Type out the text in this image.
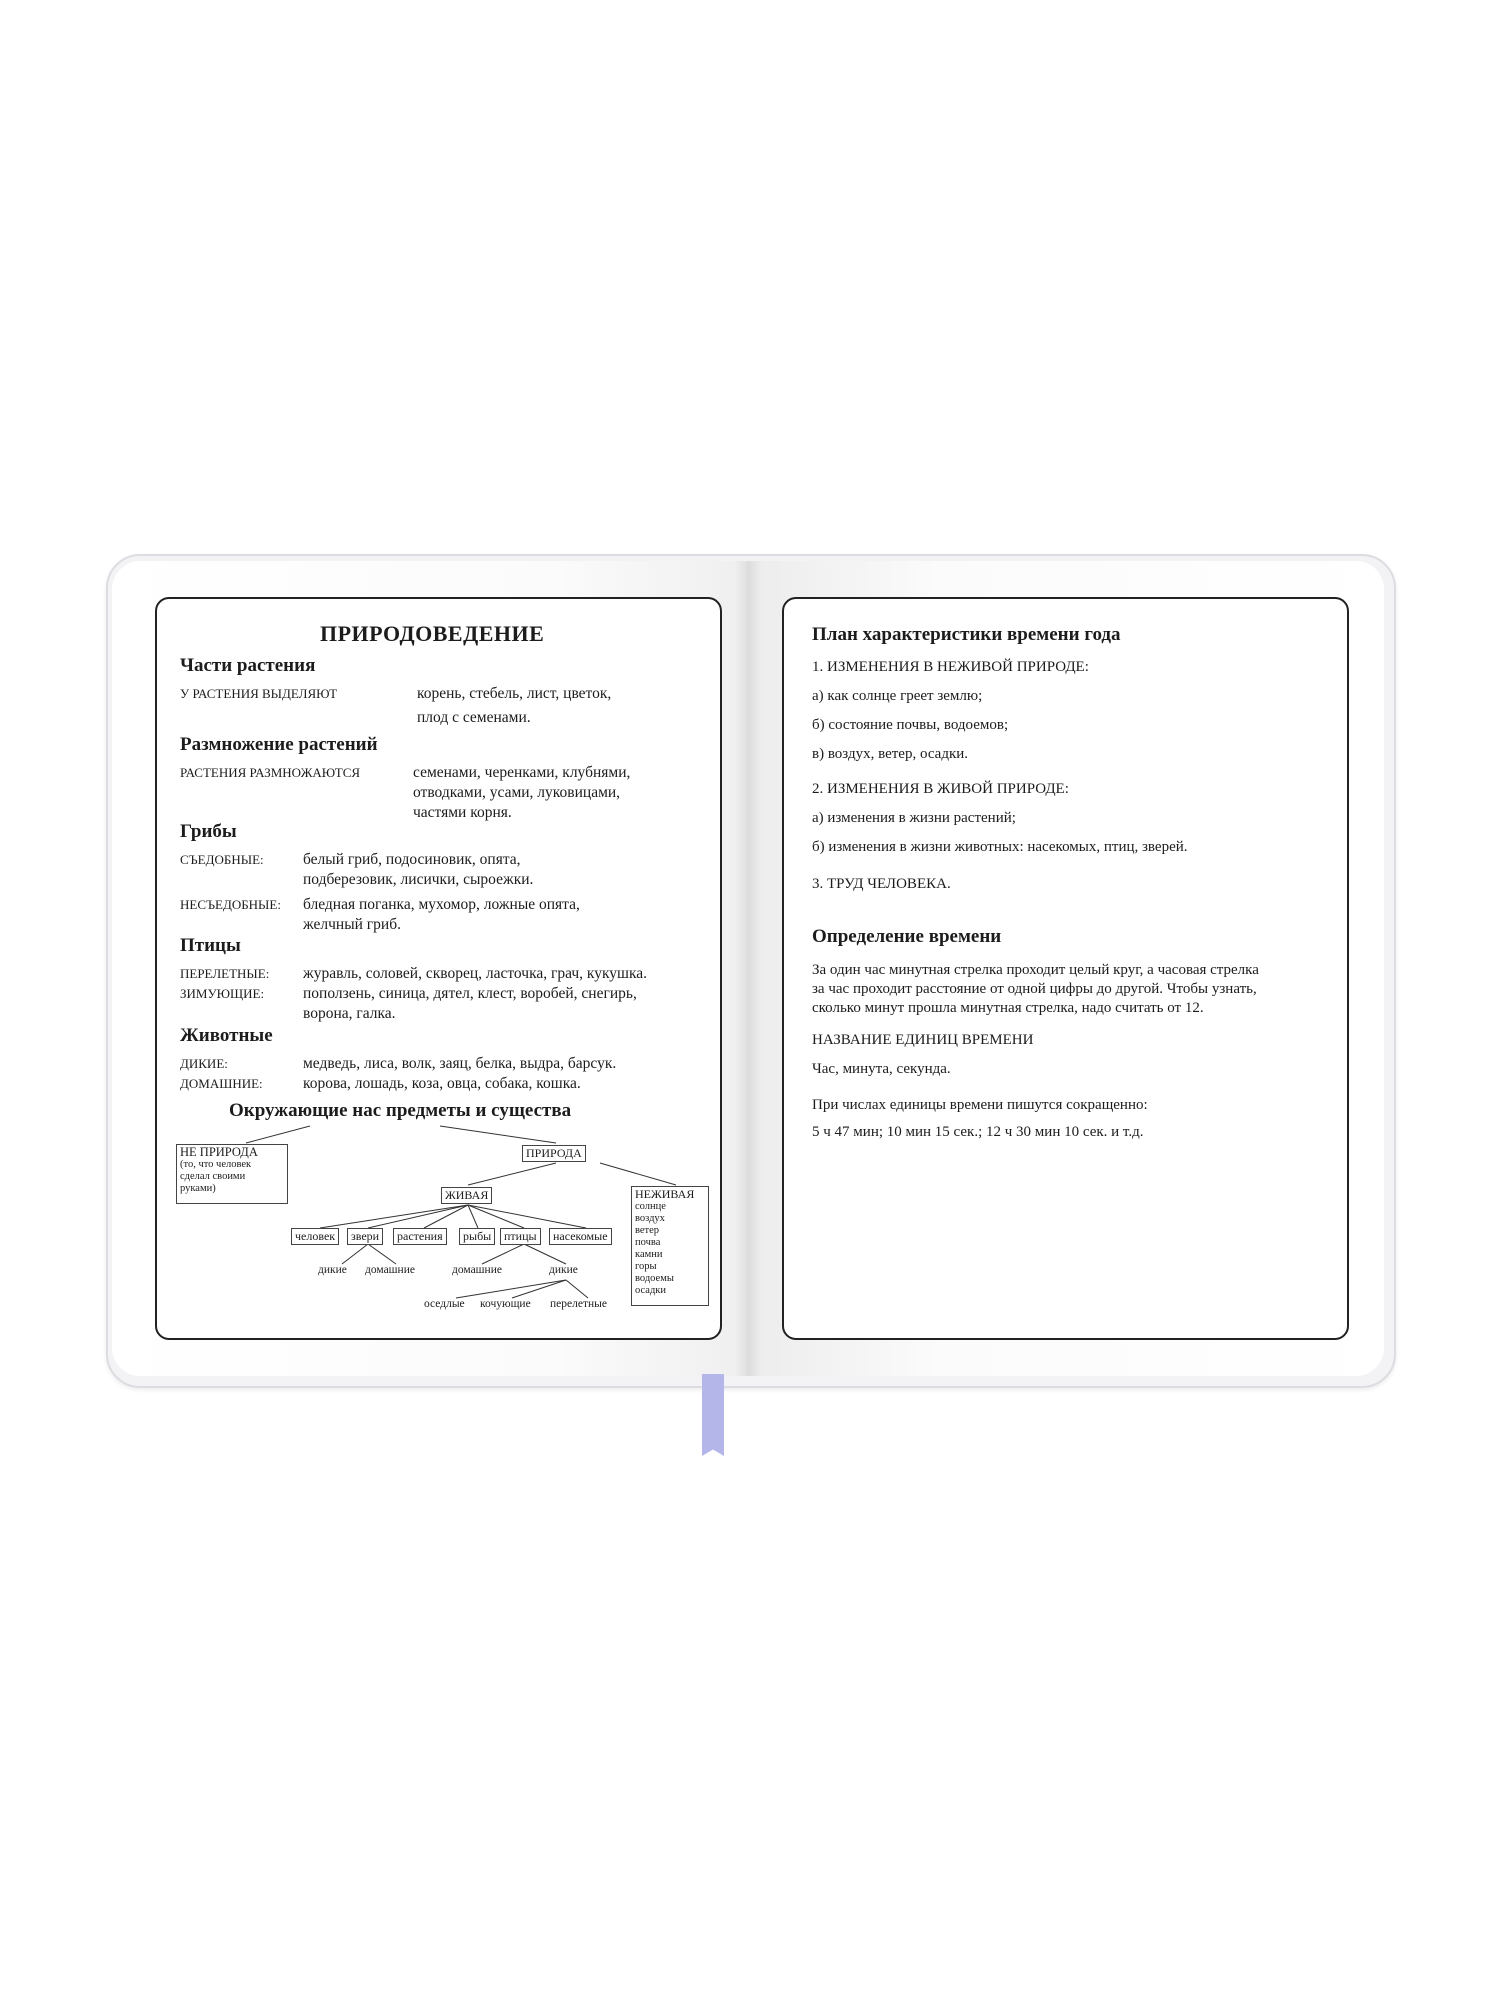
ПРИРОДОВЕДЕНИЕ
Части растения
У РАСТЕНИЯ ВЫДЕЛЯЮТ	корень, стебель, лист, цветок,
плод с семенами.
Размножение растений
РАСТЕНИЯ РАЗМНОЖАЮТСЯ	семенами, черенками, клубнями,
отводками, усами, луковицами,
частями корня.
Грибы
СЪЕДОБНЫЕ:	белый гриб, подосиновик, опята,
подберезовик, лисички, сыроежки.
НЕСЪЕДОБНЫЕ: бледная поганка, мухомор, ложные опята,
желчный гриб.
Птицы
ПЕРЕЛЕТНЫЕ: журавль, соловей, скворец, ласточка, грач, кукушка.
ЗИМУЮЩИЕ:	поползень, синица, дятел, клест, воробей, снегирь,
ворона, галка.
Животные
ДИКИЕ:	медведь, лиса, волк, заяц, белка, выдра, барсук.
ДОМАШНИЕ:	корова, лошадь, коза, овца, собака, кошка.
Окружающие нас предметы и существа
НЕ ПРИРОДА
(то, что человек
сделал своими
руками)
ПРИРОДА
ЖИВАЯ	НЕЖИВАЯ
солнце
воздух
ветер
почва
камни
горы
водоемы
осадки
человек	звери	растения	рыбы	птицы	насекомые
дикие домашние	домашние	дикие
оседлые кочующие перелетные
План характеристики времени года
1. ИЗМЕНЕНИЯ В НЕЖИВОЙ ПРИРОДЕ:
а) как солнце греет землю;
б) состояние почвы, водоемов;
в) воздух, ветер, осадки.
2. ИЗМЕНЕНИЯ В ЖИВОЙ ПРИРОДЕ:
а) изменения в жизни растений;
б) изменения в жизни животных: насекомых, птиц, зверей.
3. ТРУД ЧЕЛОВЕКА.
Определение времени
За один час минутная стрелка проходит целый круг, а часовая стрелка
за час проходит расстояние от одной цифры до другой. Чтобы узнать,
сколько минут прошла минутная стрелка, надо считать от 12.
НАЗВАНИЕ ЕДИНИЦ ВРЕМЕНИ
Час, минута, секунда.
При числах единицы времени пишутся сокращенно:
5 ч 47 мин; 10 мин 15 сек.; 12 ч 30 мин 10 сек. и т.д.
